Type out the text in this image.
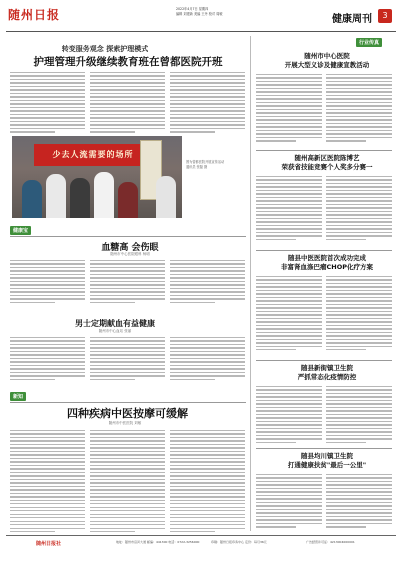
随州日报	2022年4月7日 星期四
编辑 刘建新 美编 王丹 校对 周敏	健康周刊	3
转变服务观念 探索护理模式
护理管理升级继续教育班在曾都医院开班
少去人流需要的场所
图为曾都医院开展宣传活动 通讯员 张磊 摄
健康宝
血糖高 会伤眼
随州市中心医院眼科 杨明
男士定期献血有益健康
随州市中心血站 张丽
新知
四种疾病中医按摩可缓解
随州市中医医院 刘敏
行业传真
随州市中心医院
开展大型义诊及健康宣教活动
随州高新区医院陈博艺
荣获省技能竞赛个人奖多分赛一
随县中医医院首次成功完成
非富肾血涤巴瘤CHOP化疗方案
随县新街镇卫生院
严抓常态化疫情防控
随县均川镇卫生院
打通健康扶贫"最后一公里"
随州日报社	地址：随州市沿河大道 邮编：441300 电话：0722-3256000	印刷：随州日报印务中心 定价：每月36元	广告经营许可证：4213004000001
